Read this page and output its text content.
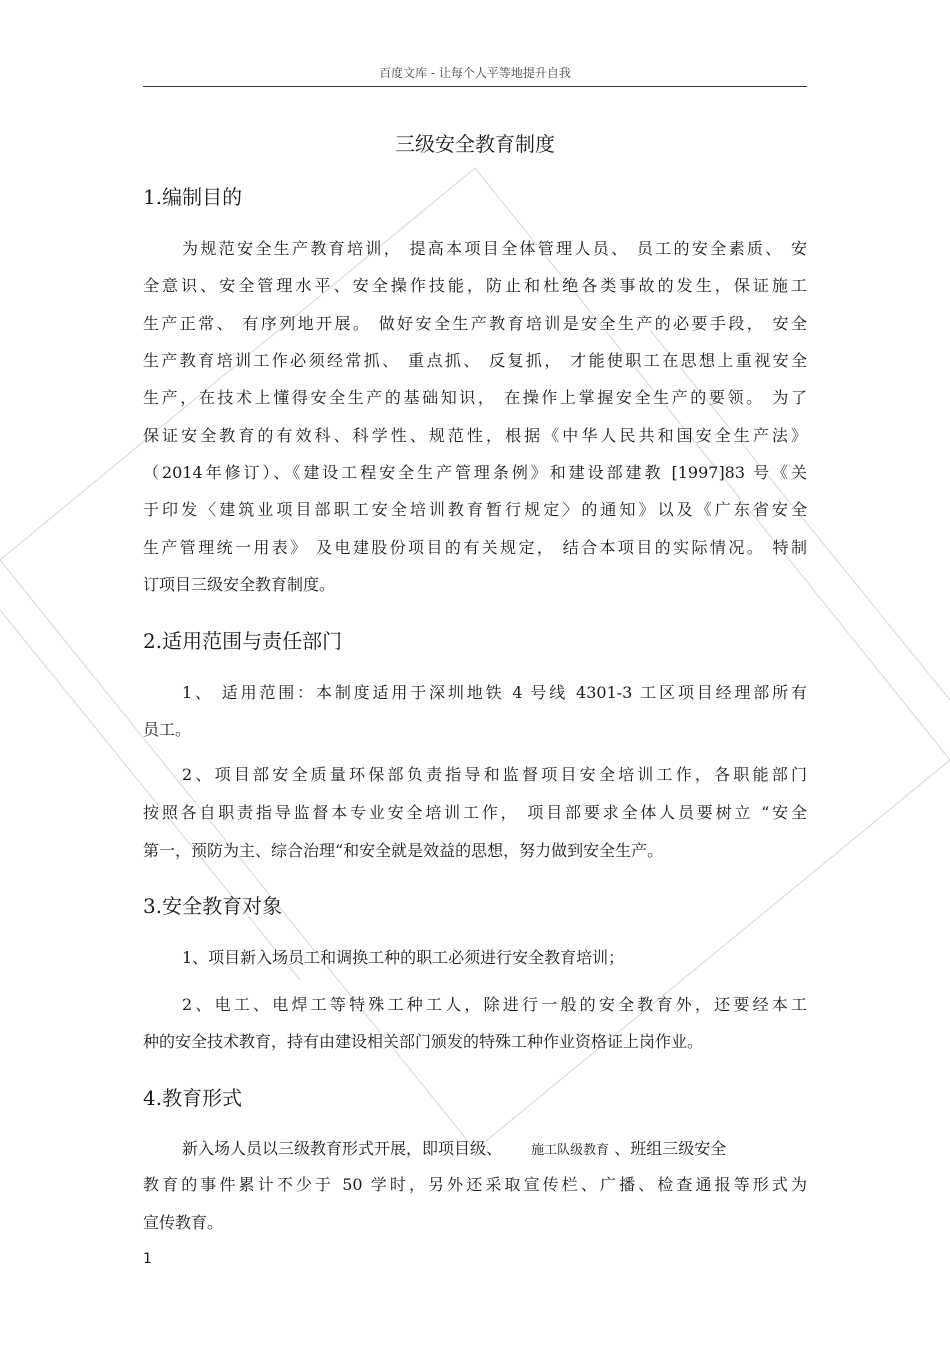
百度文库 - 让每个人平等地提升自我
三级安全教育制度
1.编制目的
为规范安全生产教育培训， 提高本项目全体管理人员、 员工的安全素质、 安
全意识、安全管理水平、安全操作技能，防止和杜绝各类事故的发生，保证施工
生产正常、 有序列地开展。 做好安全生产教育培训是安全生产的必要手段， 安全
生产教育培训工作必须经常抓、 重点抓、 反复抓， 才能使职工在思想上重视安全
生产，在技术上懂得安全生产的基础知识， 在操作上掌握安全生产的要领。 为了
保证安全教育的有效科、科学性、规范性，根据《中华人民共和国安全生产法》
（2014年修订）、《建设工程安全生产管理条例》和建设部建教 [1997]83 号《关
于印发〈建筑业项目部职工安全培训教育暂行规定〉的通知》以及《广东省安全
生产管理统一用表》 及电建股份项目的有关规定， 结合本项目的实际情况。 特制
订项目三级安全教育制度。
2.适用范围与责任部门
1、 适用范围：本制度适用于深圳地铁 4 号线 4301-3 工区项目经理部所有
员工。
2、项目部安全质量环保部负责指导和监督项目安全培训工作，各职能部门
按照各自职责指导监督本专业安全培训工作， 项目部要求全体人员要树立 “安全
第一，预防为主、综合治理“和安全就是效益的思想，努力做到安全生产。
3.安全教育对象
1、项目新入场员工和调换工种的职工必须进行安全教育培训；
2、电工、电焊工等特殊工种工人，除进行一般的安全教育外，还要经本工
种的安全技术教育，持有由建设相关部门颁发的特殊工种作业资格证上岗作业。
4.教育形式
新入场人员以三级教育形式开展，即项目级、 施工队级教育 、班组三级安全
教育的事件累计不少于 50 学时，另外还采取宣传栏、广播、检查通报等形式为
宣传教育。
1
